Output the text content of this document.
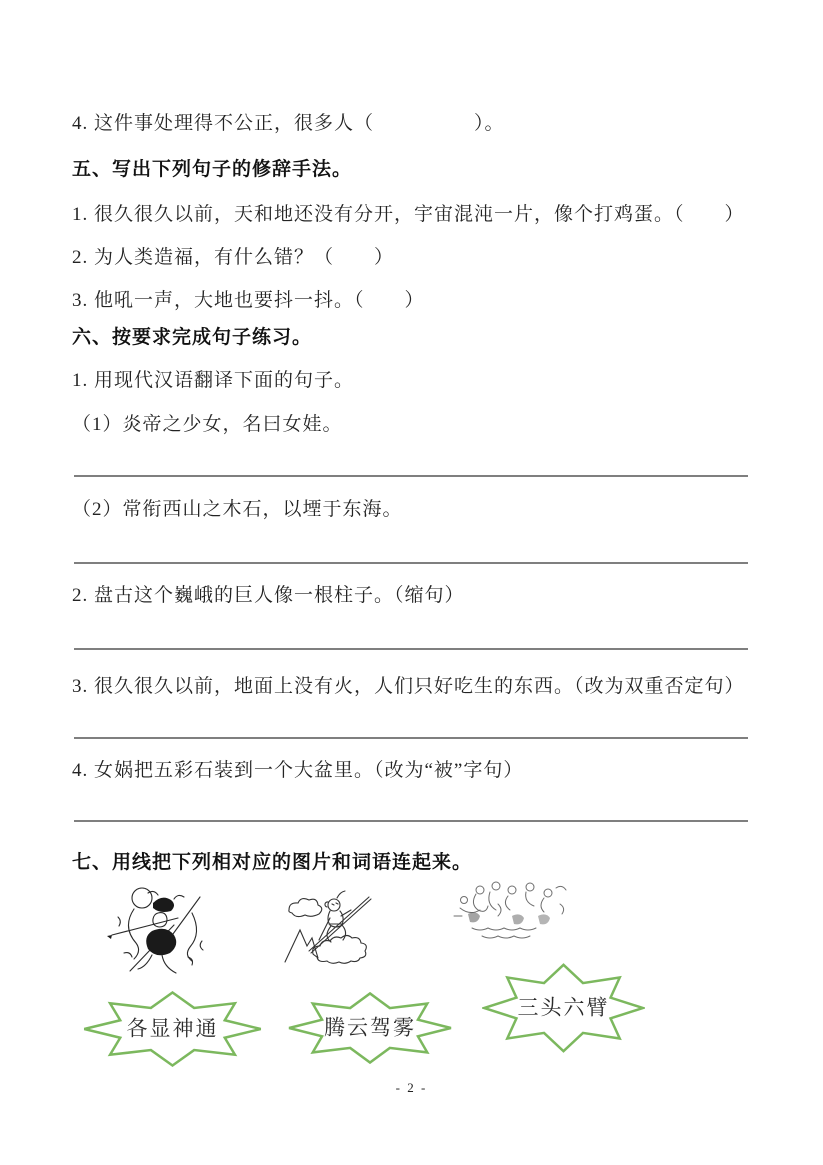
4. 这件事处理得不公正，很多人（　　　　　）。
五、写出下列句子的修辞手法。
1. 很久很久以前，天和地还没有分开，宇宙混沌一片，像个打鸡蛋。（　　）
2. 为人类造福，有什么错？（　　）
3. 他吼一声，大地也要抖一抖。（　　）
六、按要求完成句子练习。
1. 用现代汉语翻译下面的句子。
（1）炎帝之少女，名曰女娃。
（2）常衔西山之木石，以堙于东海。
2. 盘古这个巍峨的巨人像一根柱子。（缩句）
3. 很久很久以前，地面上没有火，人们只好吃生的东西。（改为双重否定句）
4. 女娲把五彩石装到一个大盆里。（改为“被”字句）
七、用线把下列相对应的图片和词语连起来。
各显神通	腾云驾雾
三头六臂
- 2 -
